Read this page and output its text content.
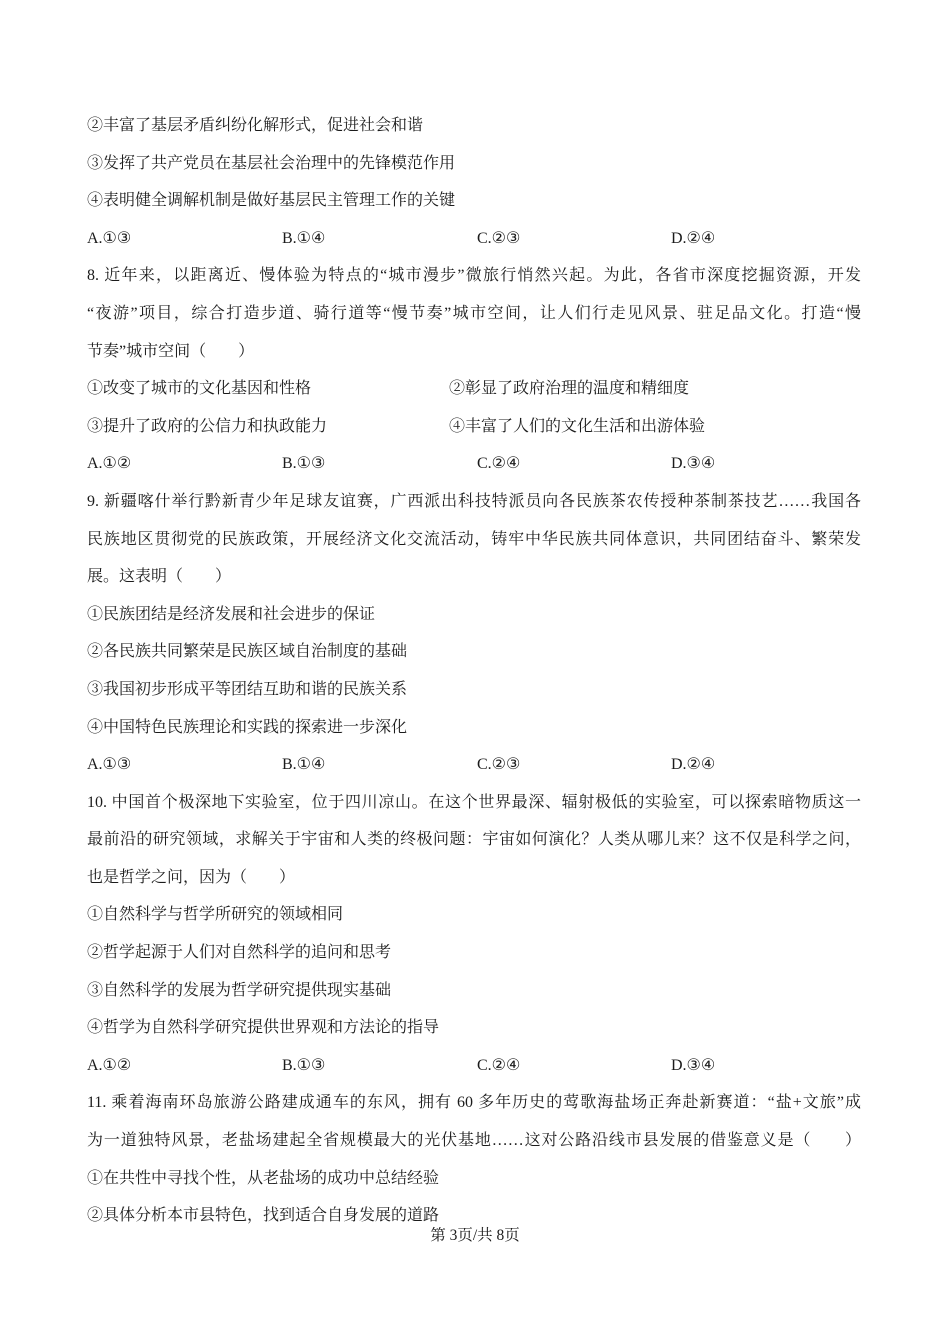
②丰富了基层矛盾纠纷化解形式，促进社会和谐
③发挥了共产党员在基层社会治理中的先锋模范作用
④表明健全调解机制是做好基层民主管理工作的关键
A.①③	B.①④	C.②③	D.②④
8. 近年来，以距离近、慢体验为特点的“城市漫步”微旅行悄然兴起。为此，各省市深度挖掘资源，开发
“夜游”项目，综合打造步道、骑行道等“慢节奏”城市空间，让人们行走见风景、驻足品文化。打造“慢
节奏”城市空间（　　）
①改变了城市的文化基因和性格	②彰显了政府治理的温度和精细度
③提升了政府的公信力和执政能力	④丰富了人们的文化生活和出游体验
A.①②	B.①③	C.②④	D.③④
9. 新疆喀什举行黔新青少年足球友谊赛，广西派出科技特派员向各民族茶农传授种茶制茶技艺……我国各
民族地区贯彻党的民族政策，开展经济文化交流活动，铸牢中华民族共同体意识，共同团结奋斗、繁荣发
展。这表明（　　）
①民族团结是经济发展和社会进步的保证
②各民族共同繁荣是民族区域自治制度的基础
③我国初步形成平等团结互助和谐的民族关系
④中国特色民族理论和实践的探索进一步深化
A.①③	B.①④	C.②③	D.②④
10. 中国首个极深地下实验室，位于四川凉山。在这个世界最深、辐射极低的实验室，可以探索暗物质这一
最前沿的研究领域，求解关于宇宙和人类的终极问题：宇宙如何演化？人类从哪儿来？这不仅是科学之问，
也是哲学之问，因为（　　）
①自然科学与哲学所研究的领域相同
②哲学起源于人们对自然科学的追问和思考
③自然科学的发展为哲学研究提供现实基础
④哲学为自然科学研究提供世界观和方法论的指导
A.①②	B.①③	C.②④	D.③④
11. 乘着海南环岛旅游公路建成通车的东风，拥有 60 多年历史的莺歌海盐场正奔赴新赛道：“盐+文旅”成
为一道独特风景，老盐场建起全省规模最大的光伏基地……这对公路沿线市县发展的借鉴意义是（　　）
①在共性中寻找个性，从老盐场的成功中总结经验
②具体分析本市县特色，找到适合自身发展的道路
第 3页/共 8页
